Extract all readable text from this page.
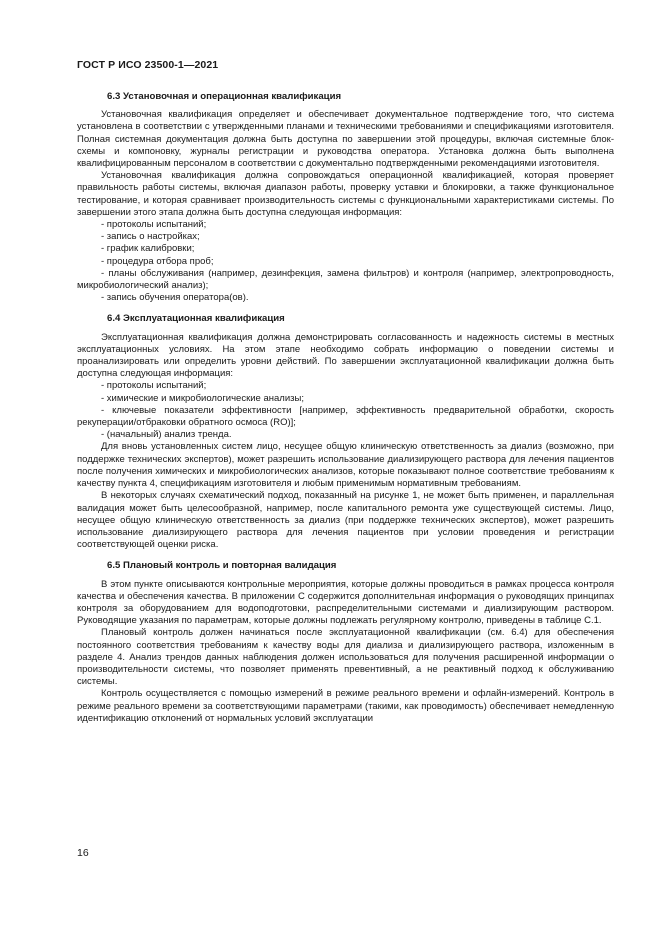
ГОСТ Р ИСО 23500-1—2021
6.3 Установочная и операционная квалификация

Установочная квалификация определяет и обеспечивает документальное подтверждение того, что система установлена в соответствии с утвержденными планами и техническими требованиями и спецификациями изготовителя. Полная системная документация должна быть доступна по завершении этой процедуры, включая системные блок-схемы и компоновку, журналы регистрации и руководства оператора. Установка должна быть выполнена квалифицированным персоналом в соответствии с документально подтвержденными рекомендациями изготовителя.

Установочная квалификация должна сопровождаться операционной квалификацией, которая проверяет правильность работы системы, включая диапазон работы, проверку уставки и блокировки, а также функциональное тестирование, и которая сравнивает производительность системы с функциональными характеристиками системы. По завершении этого этапа должна быть доступна следующая информация:

- протоколы испытаний;

- запись о настройках;

- график калибровки;

- процедура отбора проб;

- планы обслуживания (например, дезинфекция, замена фильтров) и контроля (например, электропроводность, микробиологический анализ);

- запись обучения оператора(ов).

6.4 Эксплуатационная квалификация

Эксплуатационная квалификация должна демонстрировать согласованность и надежность системы в местных эксплуатационных условиях. На этом этапе необходимо собрать информацию о поведении системы и проанализировать или определить уровни действий. По завершении эксплуатационной квалификации должна быть доступна следующая информация:

- протоколы испытаний;

- химические и микробиологические анализы;

- ключевые показатели эффективности [например, эффективность предварительной обработки, скорость рекуперации/отбраковки обратного осмоса (RO)];

- (начальный) анализ тренда.

Для вновь установленных систем лицо, несущее общую клиническую ответственность за диализ (возможно, при поддержке технических экспертов), может разрешить использование диализирующего раствора для лечения пациентов после получения химических и микробиологических анализов, которые показывают полное соответствие требованиям к качеству пункта 4, спецификациям изготовителя и любым применимым нормативным требованиям.

В некоторых случаях схематический подход, показанный на рисунке 1, не может быть применен, и параллельная валидация может быть целесообразной, например, после капитального ремонта уже существующей системы. Лицо, несущее общую клиническую ответственность за диализ (при поддержке технических экспертов), может разрешить использование диализирующего раствора для лечения пациентов при условии проведения и регистрации соответствующей оценки риска.

6.5 Плановый контроль и повторная валидация

В этом пункте описываются контрольные мероприятия, которые должны проводиться в рамках процесса контроля качества и обеспечения качества. В приложении С содержится дополнительная информация о руководящих принципах контроля за оборудованием для водоподготовки, распределительными системами и диализирующим раствором. Руководящие указания по параметрам, которые должны подлежать регулярному контролю, приведены в таблице С.1.

Плановый контроль должен начинаться после эксплуатационной квалификации (см. 6.4) для обеспечения постоянного соответствия требованиям к качеству воды для диализа и диализирующего раствора, изложенным в разделе 4. Анализ трендов данных наблюдения должен использоваться для получения расширенной информации о производительности системы, что позволяет применять превентивный, а не реактивный подход к обслуживанию системы.

Контроль осуществляется с помощью измерений в режиме реального времени и офлайн-измерений. Контроль в режиме реального времени за соответствующими параметрами (такими, как проводимость) обеспечивает немедленную идентификацию отклонений от нормальных условий эксплуатации

16
